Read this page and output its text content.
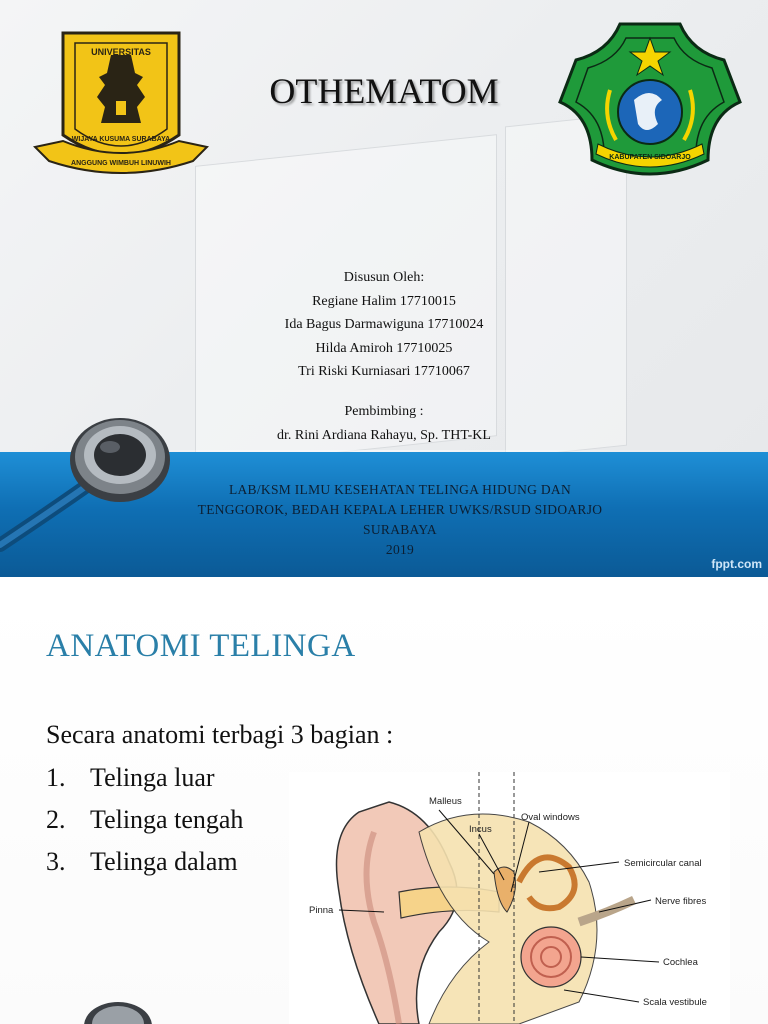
UNIVERSITAS
WIJAYA KUSUMA SURABAYA
ANGGUNG WIMBUH LINUWIH
KABUPATEN SIDOARJO
OTHEMATOM
Disusun Oleh:
Regiane Halim 17710015
Ida Bagus Darmawiguna 17710024
Hilda Amiroh 17710025
Tri Riski Kurniasari 17710067
Pembimbing :
dr. Rini Ardiana Rahayu, Sp. THT-KL
LAB/KSM ILMU KESEHATAN TELINGA HIDUNG DAN
TENGGOROK, BEDAH KEPALA LEHER UWKS/RSUD SIDOARJO
SURABAYA
2019
fppt.com
ANATOMI TELINGA
Secara anatomi terbagi 3 bagian :
1. Telinga luar
2. Telinga tengah
3. Telinga dalam
Malleus
Incus
Oval windows
Semicircular canal
Nerve fibres
Pinna
Cochlea
Scala vestibule
